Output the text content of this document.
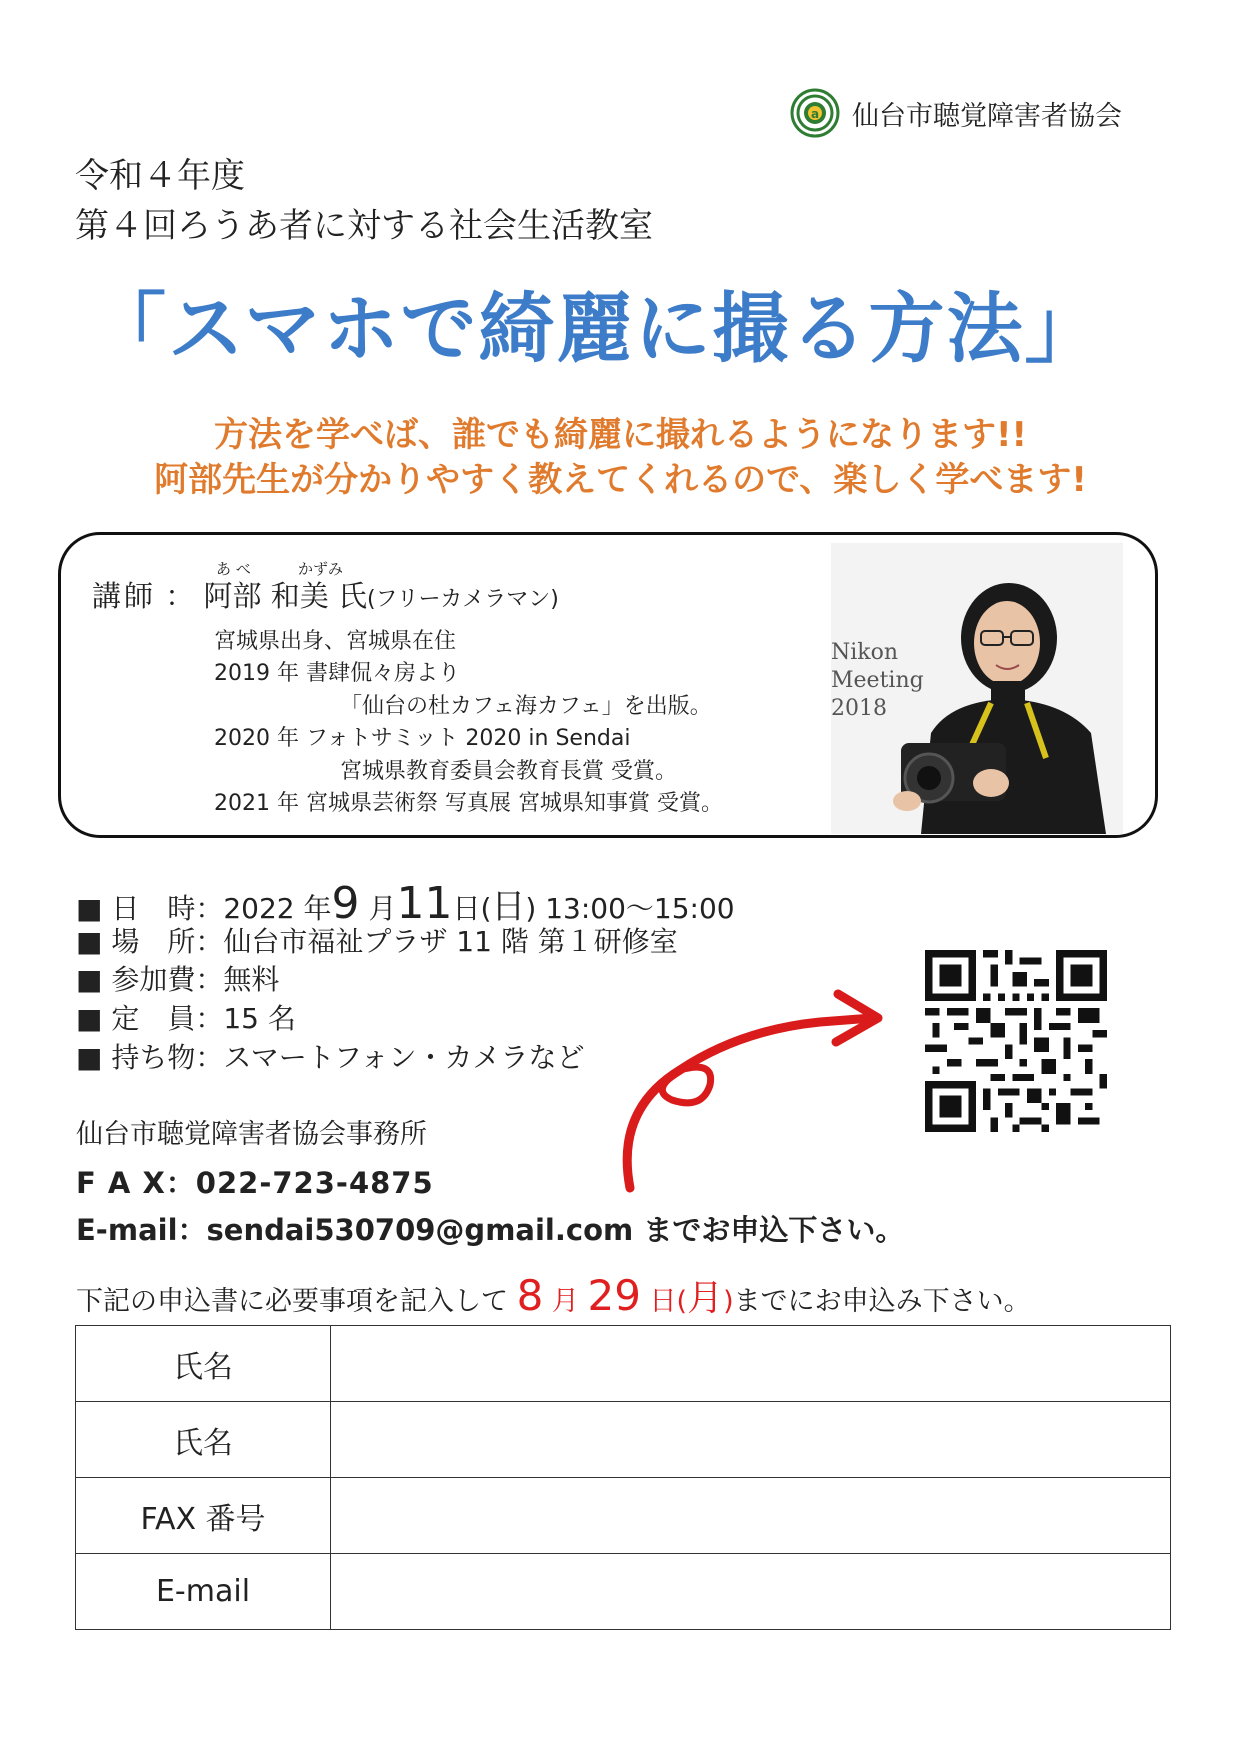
a 仙台市聴覚障害者協会
令和４年度
第４回ろうあ者に対する社会生活教室
「スマホで綺麗に撮る方法」
方法を学べば、誰でも綺麗に撮れるようになります!!
阿部先生が分かりやすく教えてくれるので、楽しく学べます!
あ べ	かずみ
講師 ： 阿部 和美 氏(フリーカメラマン)
宮城県出身、宮城県在住
2019 年 書肆侃々房より
「仙台の杜カフェ海カフェ」を出版。
2020 年 フォトサミット 2020 in Sendai
宮城県教育委員会教育長賞 受賞。
2021 年 宮城県芸術祭 写真展 宮城県知事賞 受賞。
Nikon
Meeting
2018
■ 日　時：2022 年9 月11日(日) 13:00～15:00
■ 場　所：仙台市福祉プラザ 11 階 第１研修室
■ 参加費：無料
■ 定　員：15 名
■ 持ち物：スマートフォン・カメラなど
仙台市聴覚障害者協会事務所
F A X：022-723-4875
E-mail：sendai530709@gmail.com までお申込下さい。
下記の申込書に必要事項を記入して 8 月 29 日(月)までにお申込み下さい。
氏名	
氏名	
FAX 番号	
E-mail	
